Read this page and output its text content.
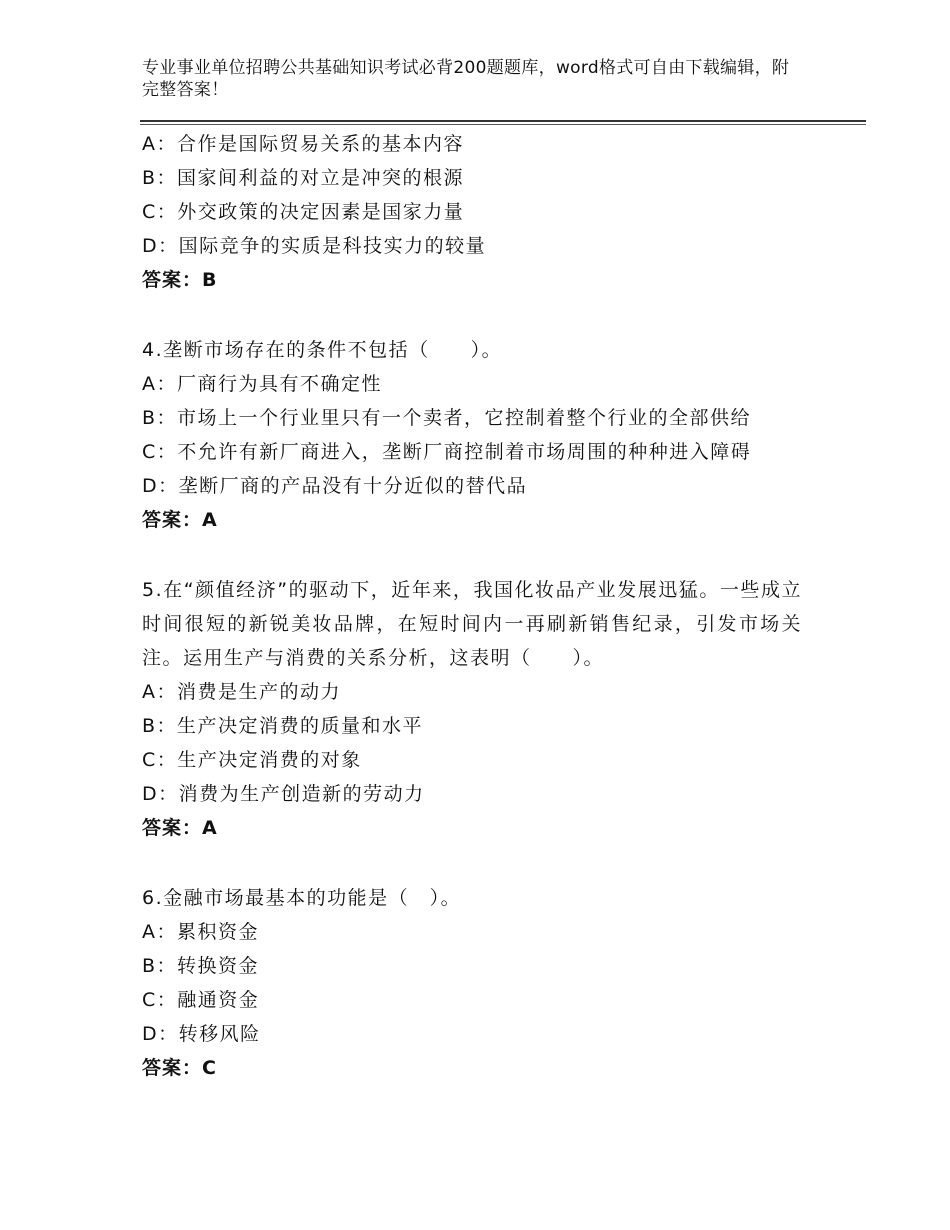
专业事业单位招聘公共基础知识考试必背200题题库，word格式可自由下载编辑，附完整答案！
A：合作是国际贸易关系的基本内容
B：国家间利益的对立是冲突的根源
C：外交政策的决定因素是国家力量
D：国际竞争的实质是科技实力的较量
答案：B
4.垄断市场存在的条件不包括（　　）。
A：厂商行为具有不确定性
B：市场上一个行业里只有一个卖者，它控制着整个行业的全部供给
C：不允许有新厂商进入，垄断厂商控制着市场周围的种种进入障碍
D：垄断厂商的产品没有十分近似的替代品
答案：A
5.在“颜值经济”的驱动下，近年来，我国化妆品产业发展迅猛。一些成立时间很短的新锐美妆品牌，在短时间内一再刷新销售纪录，引发市场关注。运用生产与消费的关系分析，这表明（　　）。
A：消费是生产的动力
B：生产决定消费的质量和水平
C：生产决定消费的对象
D：消费为生产创造新的劳动力
答案：A
6.金融市场最基本的功能是（　）。
A：累积资金
B：转换资金
C：融通资金
D：转移风险
答案：C
